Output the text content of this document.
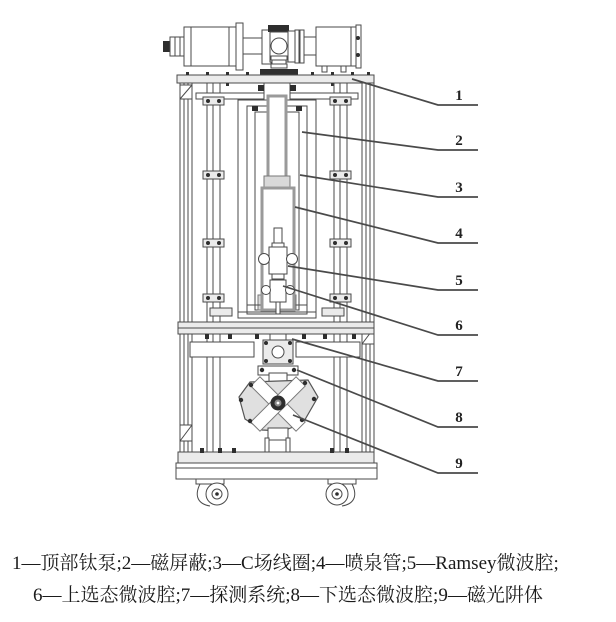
1
2
3
4
5
6
7
8
9
1—顶部钛泵;2—磁屏蔽;3—C场线圈;4—喷泉管;5—Ramsey微波腔;
6—上选态微波腔;7—探测系统;8—下选态微波腔;9—磁光阱体
